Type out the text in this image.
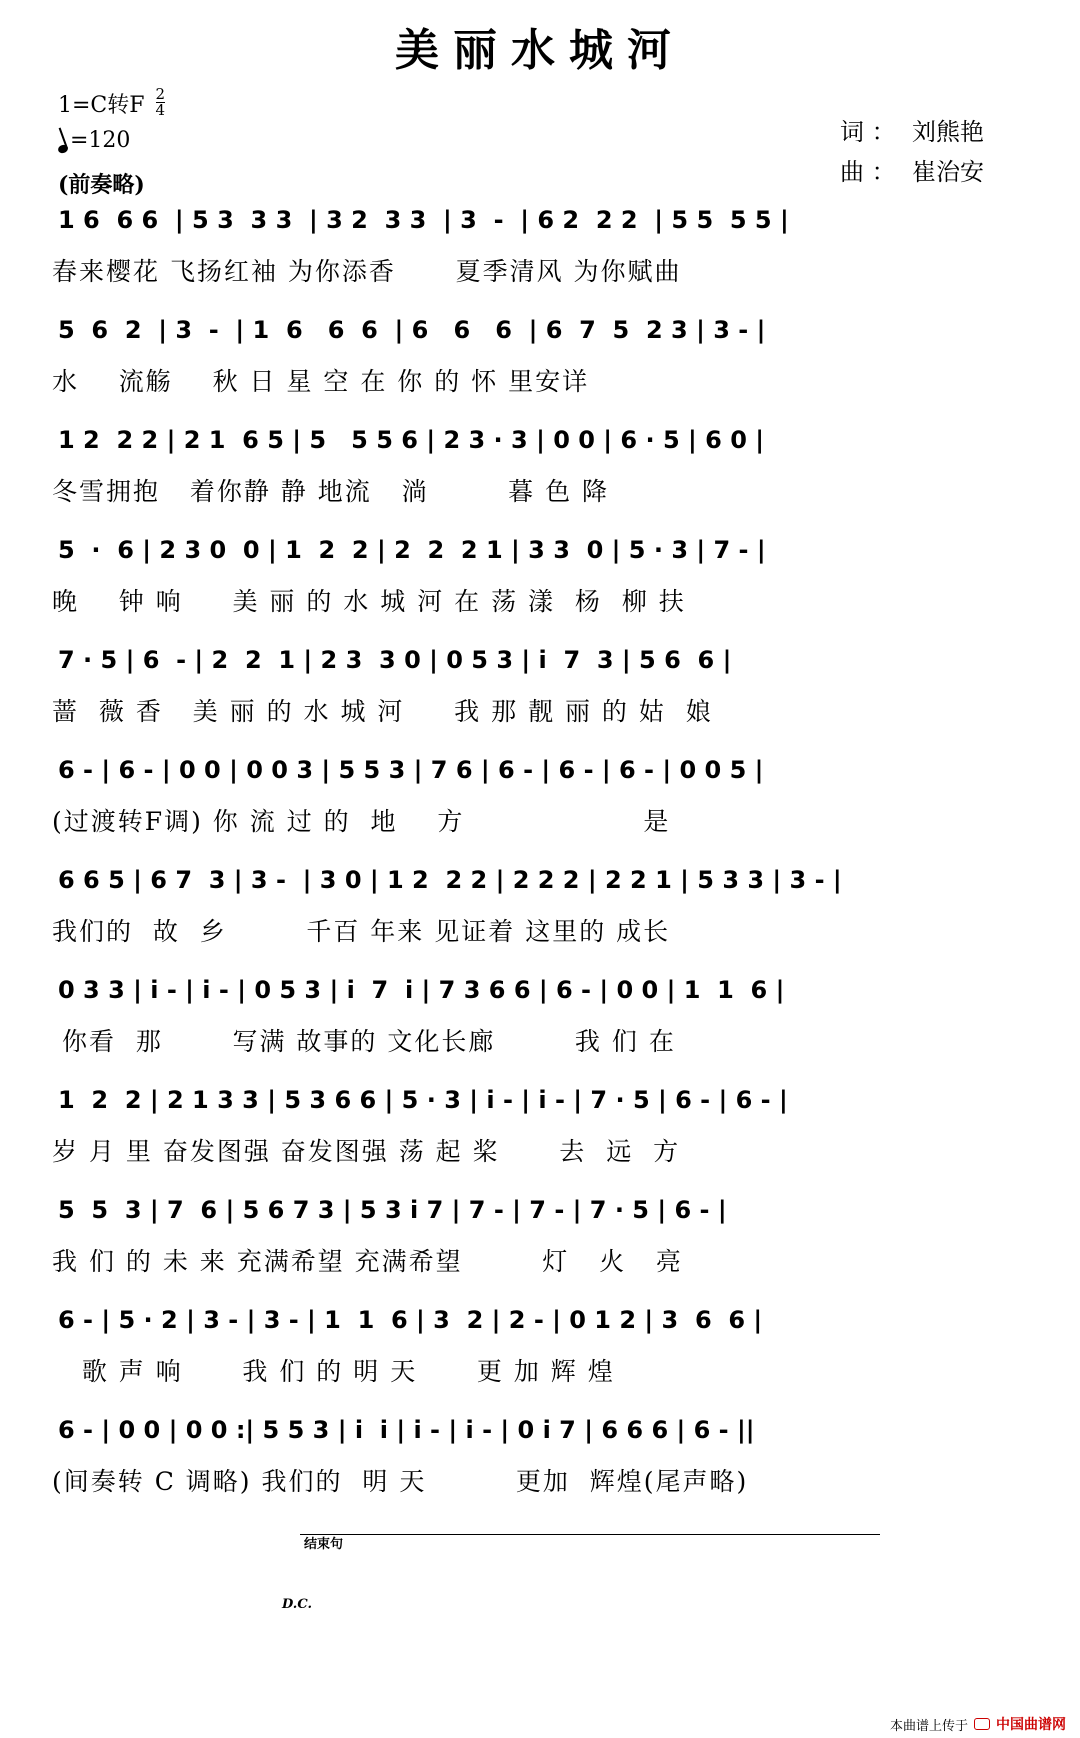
美丽水城河
1=C转F $\frac{2}{4}$
=120
(前奏略)
词 ： 刘熊艳
曲 ： 崔治安
1 6  6 6  | 5 3  3 3  | 3 2  3 3  | 3  -  | 6 2  2 2  | 5 5  5 5 |
春来樱花 飞扬红袖 为你添香      夏季清风 为你赋曲
5  6  2  | 3  -  | 1  6   6  6  | 6   6   6  | 6  7  5  2 3 | 3 - |
水    流觞    秋 日 星 空 在 你 的 怀 里安详
1 2  2 2 | 2 1  6 5 | 5   5 5 6 | 2 3 · 3 | 0 0 | 6 · 5 | 6 0 |
冬雪拥抱   着你静 静 地流   淌        暮 色 降
5  ·  6 | 2 3 0  0 | 1  2  2 | 2  2  2 1 | 3 3  0 | 5 · 3 | 7 - |
晚    钟 响     美 丽 的 水 城 河 在 荡 漾  杨  柳 扶
7 · 5 | 6  - | 2  2  1 | 2 3  3 0 | 0 5 3 | i  7  3 | 5 6  6 |
蔷  薇 香   美 丽 的 水 城 河     我 那 靓 丽 的 姑  娘
6 - | 6 - | 0 0 | 0 0 3 | 5 5 3 | 7 6 | 6 - | 6 - | 6 - | 0 0 5 |
(过渡转F调) 你 流 过 的  地    方                  是
6 6 5 | 6 7  3 | 3 -  | 3 0 | 1 2  2 2 | 2 2 2 | 2 2 1 | 5 3 3 | 3 - |
我们的  故  乡        千百 年来 见证着 这里的 成长
0 3 3 | i - | i - | 0 5 3 | i  7  i | 7 3 6 6 | 6 - | 0 0 | 1  1  6 |
你看  那       写满 故事的 文化长廊        我 们 在
1  2  2 | 2 1 3 3 | 5 3 6 6 | 5 · 3 | i - | i - | 7 · 5 | 6 - | 6 - |
岁 月 里 奋发图强 奋发图强 荡 起 桨      去  远  方
5  5  3 | 7  6 | 5 6 7 3 | 5 3 i 7 | 7 - | 7 - | 7 · 5 | 6 - |
我 们 的 未 来 充满希望 充满希望        灯   火   亮
6 - | 5 · 2 | 3 - | 3 - | 1  1  6 | 3  2 | 2 - | 0 1 2 | 3  6  6 |
歌 声 响      我 们 的 明 天      更 加 辉 煌
结束句
6 - | 0 0 | 0 0 :| 5 5 3 | i  i | i - | i - | 0 i 7 | 6 6 6 | 6 - ||
(间奏转 C 调略) 我们的  明 天         更加  辉煌(尾声略)
D.C.
本曲谱上传于 中国曲谱网
